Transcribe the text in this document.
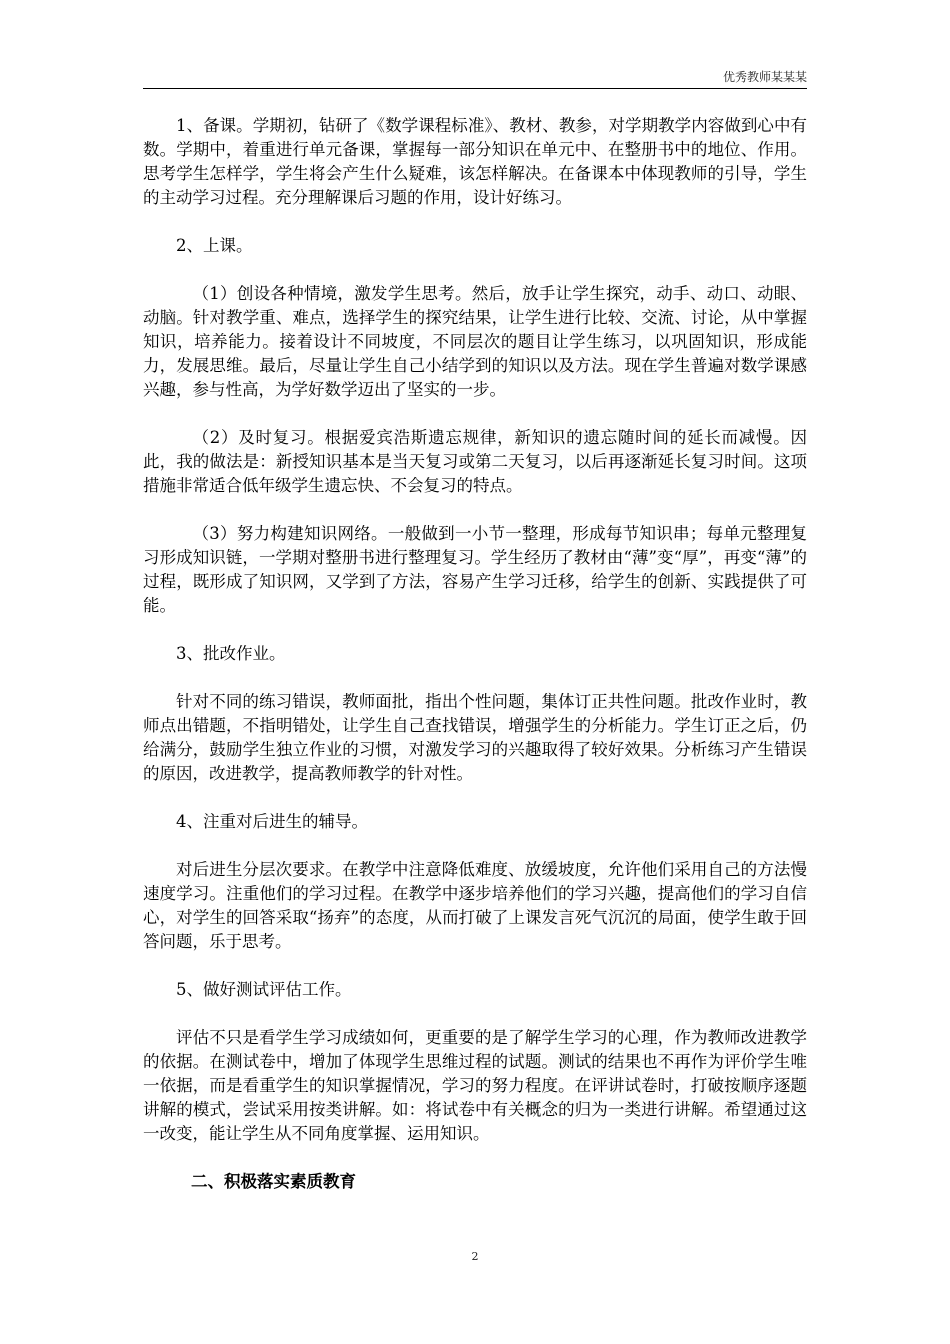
优秀教师某某某

1、备课。学期初，钻研了《数学课程标准》、教材、教参，对学期教学内容做到心中有数。学期中，着重进行单元备课，掌握每一部分知识在单元中、在整册书中的地位、作用。思考学生怎样学，学生将会产生什么疑难，该怎样解决。在备课本中体现教师的引导，学生的主动学习过程。充分理解课后习题的作用，设计好练习。

2、上课。

（1）创设各种情境，激发学生思考。然后，放手让学生探究，动手、动口、动眼、动脑。针对教学重、难点，选择学生的探究结果，让学生进行比较、交流、讨论，从中掌握知识，培养能力。接着设计不同坡度，不同层次的题目让学生练习，以巩固知识，形成能力，发展思维。最后，尽量让学生自己小结学到的知识以及方法。现在学生普遍对数学课感兴趣，参与性高，为学好数学迈出了坚实的一步。

（2）及时复习。根据爱宾浩斯遗忘规律，新知识的遗忘随时间的延长而减慢。因此，我的做法是：新授知识基本是当天复习或第二天复习，以后再逐渐延长复习时间。这项措施非常适合低年级学生遗忘快、不会复习的特点。

（3）努力构建知识网络。一般做到一小节一整理，形成每节知识串；每单元整理复习形成知识链，一学期对整册书进行整理复习。学生经历了教材由“薄”变“厚”，再变“薄”的过程，既形成了知识网，又学到了方法，容易产生学习迁移，给学生的创新、实践提供了可能。

3、批改作业。

针对不同的练习错误，教师面批，指出个性问题，集体订正共性问题。批改作业时，教师点出错题，不指明错处，让学生自己查找错误，增强学生的分析能力。学生订正之后，仍给满分，鼓励学生独立作业的习惯，对激发学习的兴趣取得了较好效果。分析练习产生错误的原因，改进教学，提高教师教学的针对性。

4、注重对后进生的辅导。

对后进生分层次要求。在教学中注意降低难度、放缓坡度，允许他们采用自己的方法慢速度学习。注重他们的学习过程。在教学中逐步培养他们的学习兴趣，提高他们的学习自信心，对学生的回答采取“扬弃”的态度，从而打破了上课发言死气沉沉的局面，使学生敢于回答问题，乐于思考。

5、做好测试评估工作。

评估不只是看学生学习成绩如何，更重要的是了解学生学习的心理，作为教师改进教学的依据。在测试卷中，增加了体现学生思维过程的试题。测试的结果也不再作为评价学生唯一依据，而是看重学生的知识掌握情况，学习的努力程度。在评讲试卷时，打破按顺序逐题讲解的模式，尝试采用按类讲解。如：将试卷中有关概念的归为一类进行讲解。希望通过这一改变，能让学生从不同角度掌握、运用知识。

二、积极落实素质教育

2
